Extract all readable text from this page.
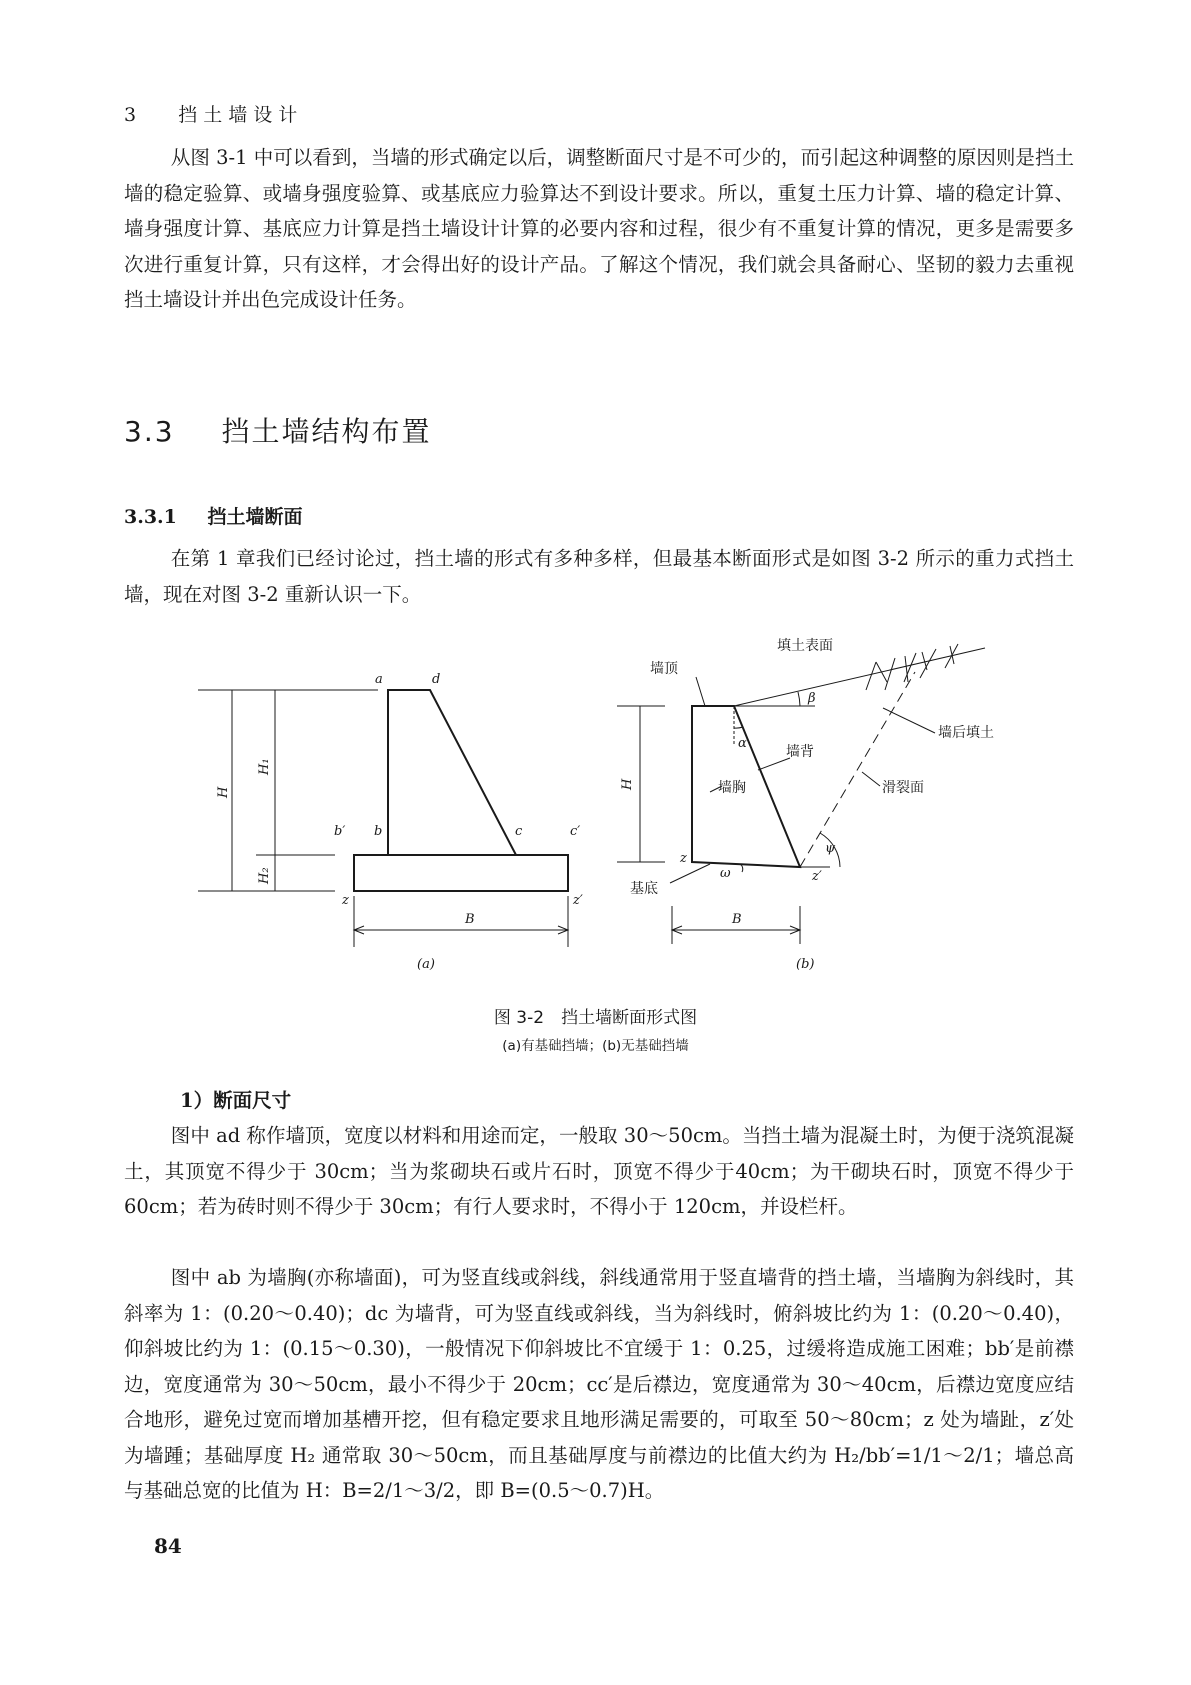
3 挡土墙设计

从图 3-1 中可以看到，当墙的形式确定以后，调整断面尺寸是不可少的，而引起这种调整的原因则是挡土墙的稳定验算、或墙身强度验算、或基底应力验算达不到设计要求。所以，重复土压力计算、墙的稳定计算、墙身强度计算、基底应力计算是挡土墙设计计算的必要内容和过程，很少有不重复计算的情况，更多是需要多次进行重复计算，只有这样，才会得出好的设计产品。了解这个情况，我们就会具备耐心、坚韧的毅力去重视挡土墙设计并出色完成设计任务。

3.3 挡土墙结构布置
3.3.1 挡土墙断面

在第 1 章我们已经讨论过，挡土墙的形式有多种多样，但最基本断面形式是如图 3-2 所示的重力式挡土墙，现在对图 3-2 重新认识一下。

a	d
b′ b	c	c′
z	z′
H
H₁
H₂
B
(a)
填土表面
墙顶
墙后填土
墙背
墙胸	滑裂面
基底
β
α
ψ
ω
z
z′
H
B
(b)
图 3-2　挡土墙断面形式图
(a)有基础挡墙；(b)无基础挡墙
1）断面尺寸

图中 ad 称作墙顶，宽度以材料和用途而定，一般取 30～50cm。当挡土墙为混凝土时，为便于浇筑混凝土，其顶宽不得少于 30cm；当为浆砌块石或片石时，顶宽不得少于40cm；为干砌块石时，顶宽不得少于 60cm；若为砖时则不得少于 30cm；有行人要求时，不得小于 120cm，并设栏杆。

图中 ab 为墙胸(亦称墙面)，可为竖直线或斜线，斜线通常用于竖直墙背的挡土墙，当墙胸为斜线时，其斜率为 1：(0.20～0.40)；dc 为墙背，可为竖直线或斜线，当为斜线时，俯斜坡比约为 1：(0.20～0.40)，仰斜坡比约为 1：(0.15～0.30)，一般情况下仰斜坡比不宜缓于 1：0.25，过缓将造成施工困难；bb′是前襟边，宽度通常为 30～50cm，最小不得少于 20cm；cc′是后襟边，宽度通常为 30～40cm，后襟边宽度应结合地形，避免过宽而增加基槽开挖，但有稳定要求且地形满足需要的，可取至 50～80cm；z 处为墙趾，z′处为墙踵；基础厚度 H₂ 通常取 30～50cm，而且基础厚度与前襟边的比值大约为 H₂/bb′=1/1～2/1；墙总高与基础总宽的比值为 H：B=2/1～3/2，即 B=(0.5～0.7)H。

84
